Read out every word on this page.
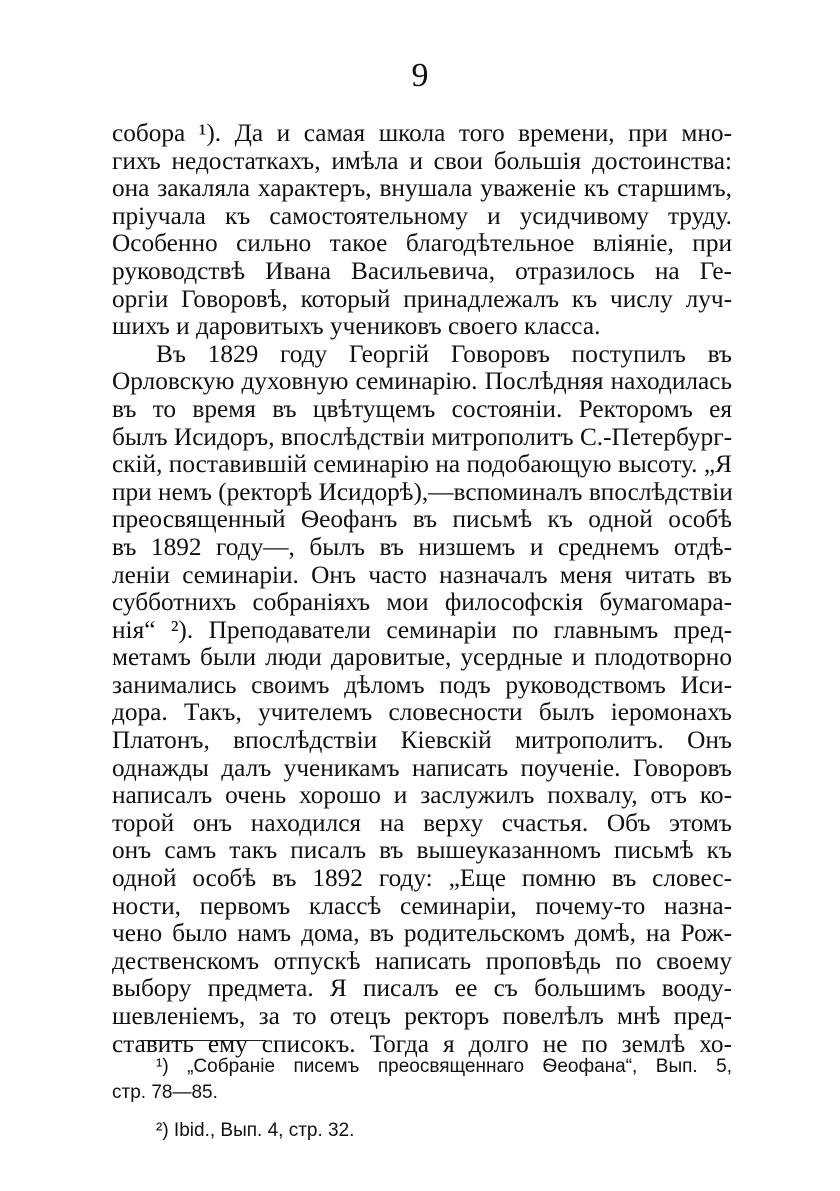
9
собора ¹). Да и самая школа того времени, при мно-
гихъ недостаткахъ, имѣла и свои большія достоинства:
она закаляла характеръ, внушала уваженіе къ старшимъ,
пріучала къ самостоятельному и усидчивому труду.
Особенно сильно такое благодѣтельное вліяніе, при
руководствѣ Ивана Васильевича, отразилось на Ге-
оргіи Говоровѣ, который принадлежалъ къ числу луч-
шихъ и даровитыхъ учениковъ своего класса.
Въ 1829 году Георгій Говоровъ поступилъ въ
Орловскую духовную семинарію. Послѣдняя находилась
въ то время въ цвѣтущемъ состояніи. Ректоромъ ея
былъ Исидоръ, впослѣдствіи митрополитъ С.-Петербург-
скій, поставившій семинарію на подобающую высоту. „Я
при немъ (ректорѣ Исидорѣ),—вспоминалъ впослѣдствіи
преосвященный Ѳеофанъ въ письмѣ къ одной особѣ
въ 1892 году—, былъ въ низшемъ и среднемъ отдѣ-
леніи семинаріи. Онъ часто назначалъ меня читать въ
субботнихъ собраніяхъ мои философскія бумагомара-
нія“ ²). Преподаватели семинаріи по главнымъ пред-
метамъ были люди даровитые, усердные и плодотворно
занимались своимъ дѣломъ подъ руководствомъ Иси-
дора. Такъ, учителемъ словесности былъ іеромонахъ
Платонъ, впослѣдствіи Кіевскій митрополитъ. Онъ
однажды далъ ученикамъ написать поученіе. Говоровъ
написалъ очень хорошо и заслужилъ похвалу, отъ ко-
торой онъ находился на верху счастья. Объ этомъ
онъ самъ такъ писалъ въ вышеуказанномъ письмѣ къ
одной особѣ въ 1892 году: „Еще помню въ словес-
ности, первомъ классѣ семинаріи, почему-то назна-
чено было намъ дома, въ родительскомъ домѣ, на Рож-
дественскомъ отпускѣ написать проповѣдь по своему
выбору предмета. Я писалъ ее съ большимъ вооду-
шевленіемъ, за то отецъ ректоръ повелѣлъ мнѣ пред-
ставить ему списокъ. Тогда я долго не по землѣ хо-
¹) „Собраніе писемъ преосвященнаго Ѳеофана“, Вып. 5,
стр. 78—85.
²) Ibid., Вып. 4, стр. 32.
